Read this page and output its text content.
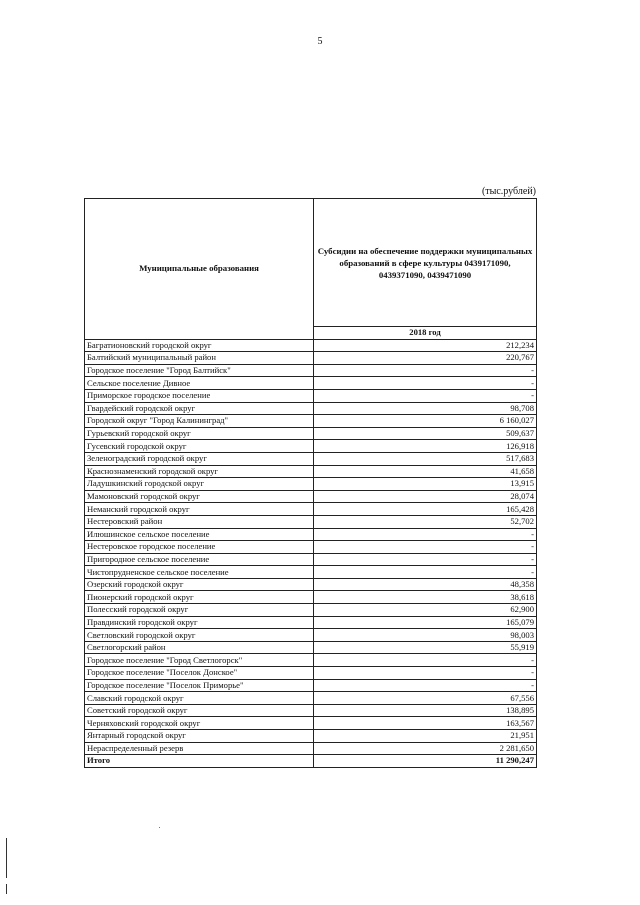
5
(тыс.рублей)
Муниципальные образования	Субсидии на обеспечение поддержки муниципальных образований в сфере культуры 0439171090, 0439371090, 0439471090
	2018 год
Багратионовский городской округ	212,234
Балтийский муниципальный район	220,767
Городское поселение "Город Балтийск"	-
Сельское поселение Дивное	-
Приморское городское поселение	-
Гвардейский городской округ	98,708
Городской округ "Город Калининград"	6 160,027
Гурьевский городской округ	509,637
Гусевский городской округ	126,918
Зеленоградский городской округ	517,683
Краснознаменский городской округ	41,658
Ладушкинский городской округ	13,915
Мамоновский городской округ	28,074
Неманский городской округ	165,428
Нестеровский район	52,702
Илюшинское сельское поселение	-
Нестеровское городское поселение	-
Пригородное сельское поселение	-
Чистопрудненское сельское поселение	-
Озерский городской округ	48,358
Пионерский городской округ	38,618
Полесский городской округ	62,900
Правдинский городской округ	165,079
Светловский городской округ	98,003
Светлогорский район	55,919
Городское поселение "Город Светлогорск"	-
Городское поселение "Поселок Донское"	-
Городское поселение "Поселок Приморье"	-
Славский городской округ	67,556
Советский городской округ	138,895
Черняховский городской округ	163,567
Янтарный городской округ	21,951
Нераспределенный резерв	2 281,650
Итого	11 290,247
